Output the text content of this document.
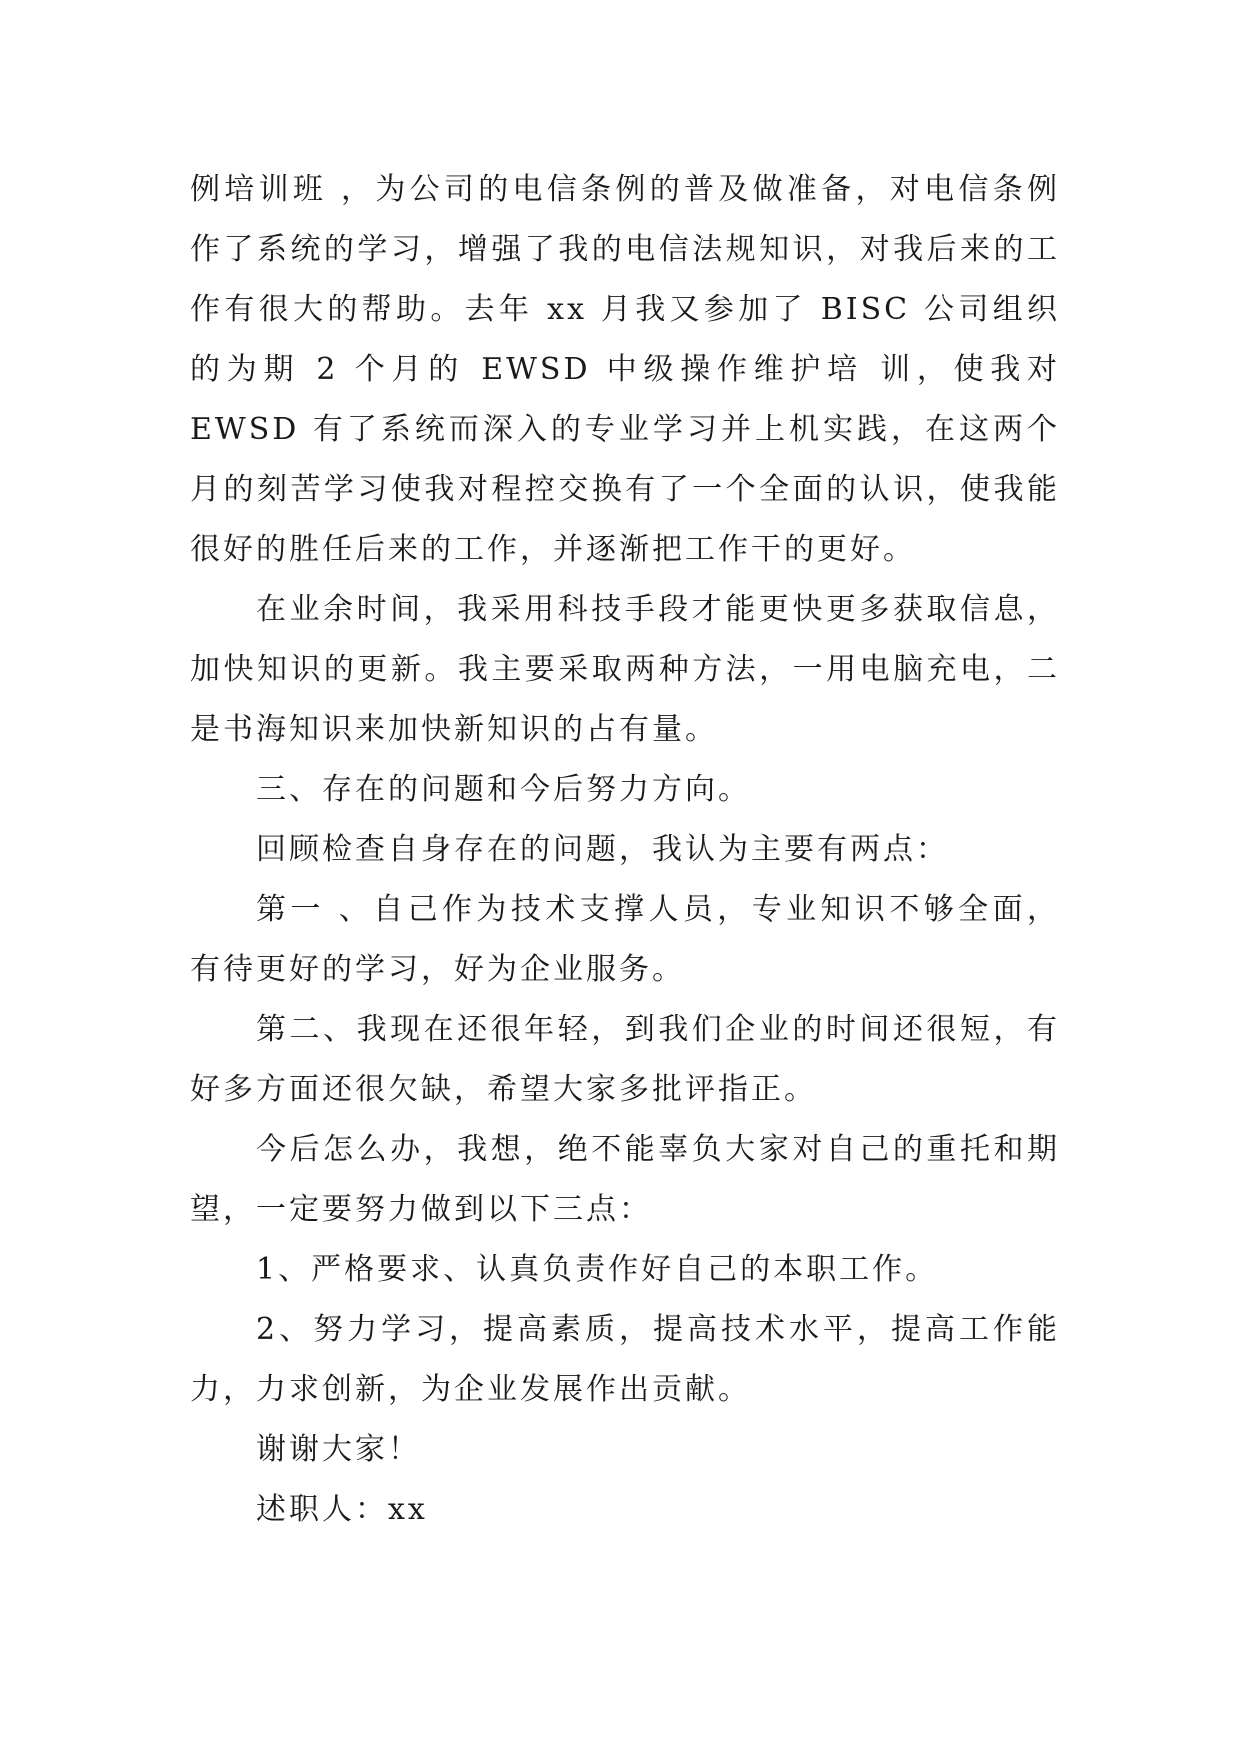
例培训班 ，为公司的电信条例的普及做准备，对电信条例作了系统的学习，增强了我的电信法规知识，对我后来的工作有很大的帮助。去年 xx 月我又参加了 BISC 公司组织的为期 2 个月的 EWSD 中级操作维护培 训，使我对 EWSD 有了系统而深入的专业学习并上机实践，在这两个月的刻苦学习使我对程控交换有了一个全面的认识，使我能很好的胜任后来的工作，并逐渐把工作干的更好。

在业余时间，我采用科技手段才能更快更多获取信息，加快知识的更新。我主要采取两种方法，一用电脑充电，二是书海知识来加快新知识的占有量。

三、存在的问题和今后努力方向。

回顾检查自身存在的问题，我认为主要有两点：

第一 、自己作为技术支撑人员，专业知识不够全面，有待更好的学习，好为企业服务。

第二、我现在还很年轻，到我们企业的时间还很短，有好多方面还很欠缺，希望大家多批评指正。

今后怎么办，我想，绝不能辜负大家对自己的重托和期望，一定要努力做到以下三点：

1、严格要求、认真负责作好自己的本职工作。

2、努力学习，提高素质，提高技术水平，提高工作能力，力求创新，为企业发展作出贡献。

谢谢大家！

述职人：xx
